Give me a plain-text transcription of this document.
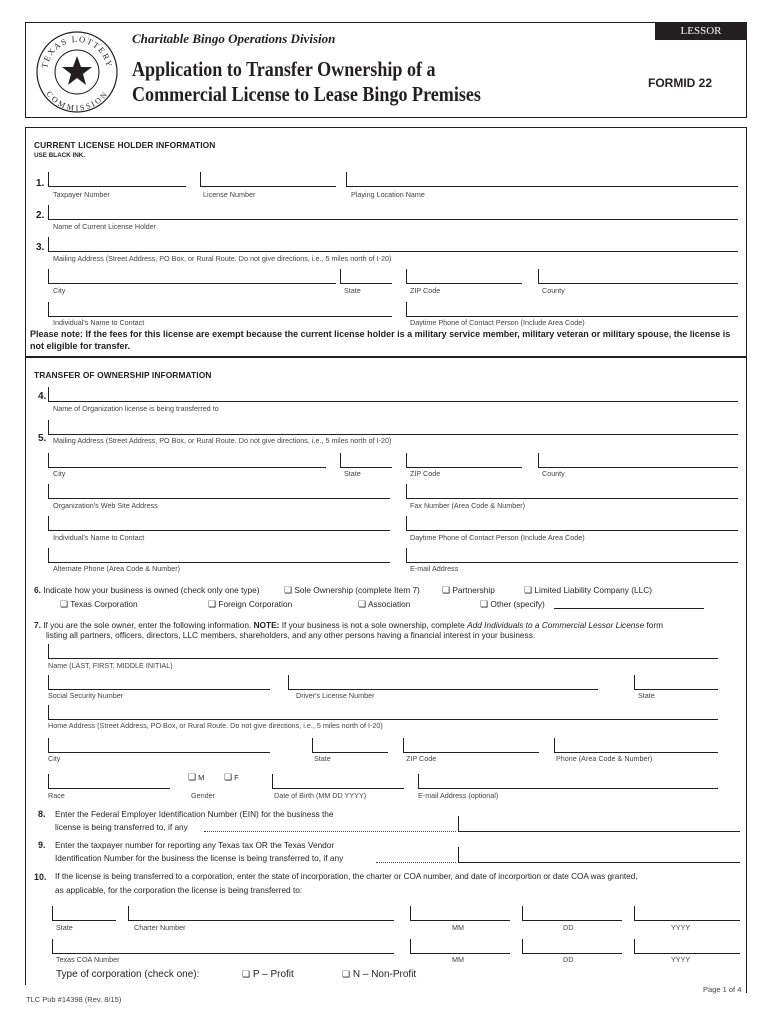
TEXAS LOTTERY
COMMISSION
Charitable Bingo Operations Division
Application to Transfer Ownership of a
Commercial License to Lease Bingo Premises
LESSOR
FORMID 22
CURRENT LICENSE HOLDER INFORMATION
USE BLACK INK.
1.
Taxpayer Number	License Number	Playing Location Name
2.
Name of Current License Holder
3.
Mailing Address (Street Address, PO Box, or Rural Route. Do not give directions, i.e., 5 miles north of I-20)
City	State	ZIP Code	County
Individual's Name to Contact	Daytime Phone of Contact Person (Include Area Code)
Please note: If the fees for this license are exempt because the current license holder is a military service member, military veteran or military spouse, the license is not eligible for transfer.
TRANSFER OF OWNERSHIP INFORMATION
4.
Name of Organization license is being transferred to
5. Mailing Address (Street Address, PO Box, or Rural Route. Do not give directions, i.e., 5 miles north of I-20)
City	State	ZIP Code	County
Organization's Web Site Address	Fax Number (Area Code & Number)
Individual's Name to Contact	Daytime Phone of Contact Person (Include Area Code)
Alternate Phone (Area Code & Number)	E-mail Address
6. Indicate how your business is owned (check only one type)	❏ Sole Ownership (complete Item 7) ❏ Partnership	❏ Limited Liability Company (LLC)
❏ Texas Corporation	❏ Foreign Corporation	❏ Association	❏ Other (specify)
7. If you are the sole owner, enter the following information. NOTE: If your business is not a sole ownership, complete Add Individuals to a Commercial Lessor License form
listing all partners, officers, directors, LLC members, shareholders, and any other persons having a financial interest in your business.
Name (LAST, FIRST, MIDDLE INITIAL)
Social Security Number	Driver's License Number	State
Home Address (Street Address, PO Box, or Rural Route. Do not give directions, i.e., 5 miles north of I-20)
City	State	ZIP Code	Phone (Area Code & Number)
❏ M ❏ F
Race	Gender	Date of Birth (MM DD YYYY)	E-mail Address (optional)
8. Enter the Federal Employer Identification Number (EIN) for the business the
license is being transferred to, if any
9. Enter the taxpayer number for reporting any Texas tax OR the Texas Vendor
Identification Number for the business the license is being transferred to, if any
10. If the license is being transferred to a corporation, enter the state of incorporation, the charter or COA number, and date of incorportion or date COA was granted,
as applicable, for the corporation the license is being transferred to:
State	Charter Number	MM	DD	YYYY
Texas COA Number	MM	DD	YYYY
Type of corporation (check one):	❏ P – Profit	❏ N – Non-Profit
TLC Pub #14398 (Rev. 8/15)
Page 1 of 4
